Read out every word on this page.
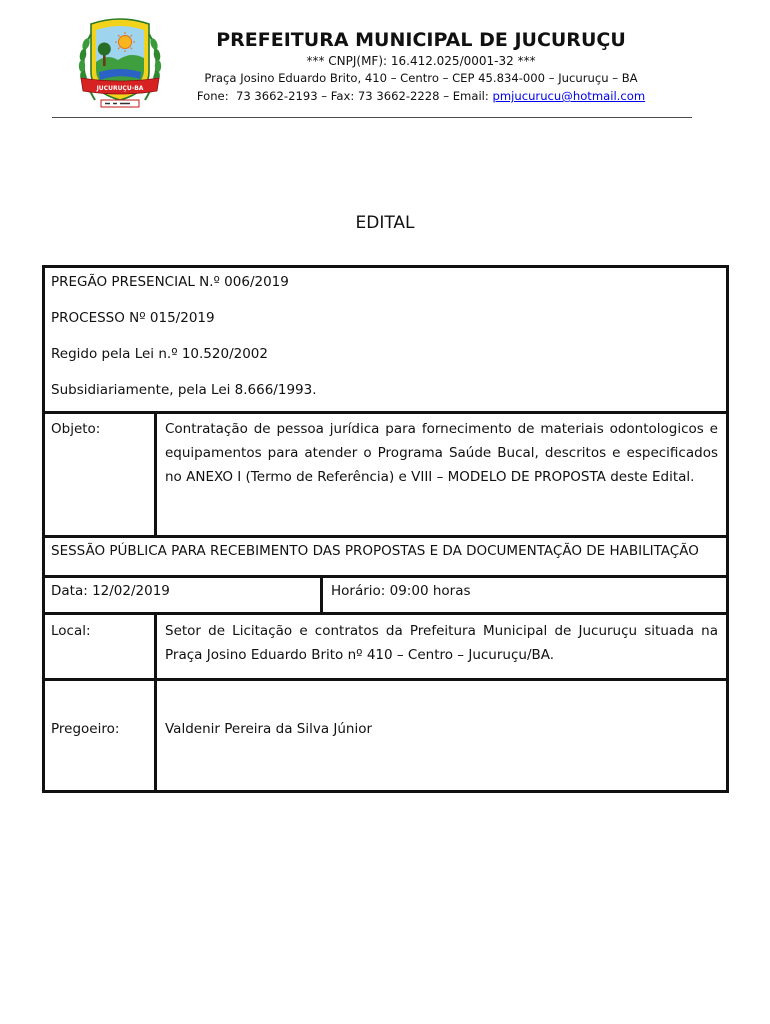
JUCURUÇU-BA
PREFEITURA MUNICIPAL DE JUCURUÇU
*** CNPJ(MF): 16.412.025/0001-32 ***
Praça Josino Eduardo Brito, 410 – Centro – CEP 45.834-000 – Jucuruçu – BA
Fone:  73 3662-2193 – Fax: 73 3662-2228 – Email: pmjucurucu@hotmail.com
EDITAL
PREGÃO PRESENCIAL N.º 006/2019
PROCESSO Nº 015/2019
Regido pela Lei n.º 10.520/2002
Subsidiariamente, pela Lei 8.666/1993.
Objeto:	Contratação de pessoa jurídica para fornecimento de materiais odontologicos e
equipamentos para atender o Programa Saúde Bucal, descritos e especificados
no ANEXO I (Termo de Referência) e VIII – MODELO DE PROPOSTA deste Edital.
SESSÃO PÚBLICA PARA RECEBIMENTO DAS PROPOSTAS E DA DOCUMENTAÇÃO DE HABILITAÇÃO
Data: 12/02/2019	Horário: 09:00 horas
Local:	Setor de Licitação e contratos da Prefeitura Municipal de Jucuruçu situada na
Praça Josino Eduardo Brito nº 410 – Centro – Jucuruçu/BA.
Pregoeiro:	Valdenir Pereira da Silva Júnior
